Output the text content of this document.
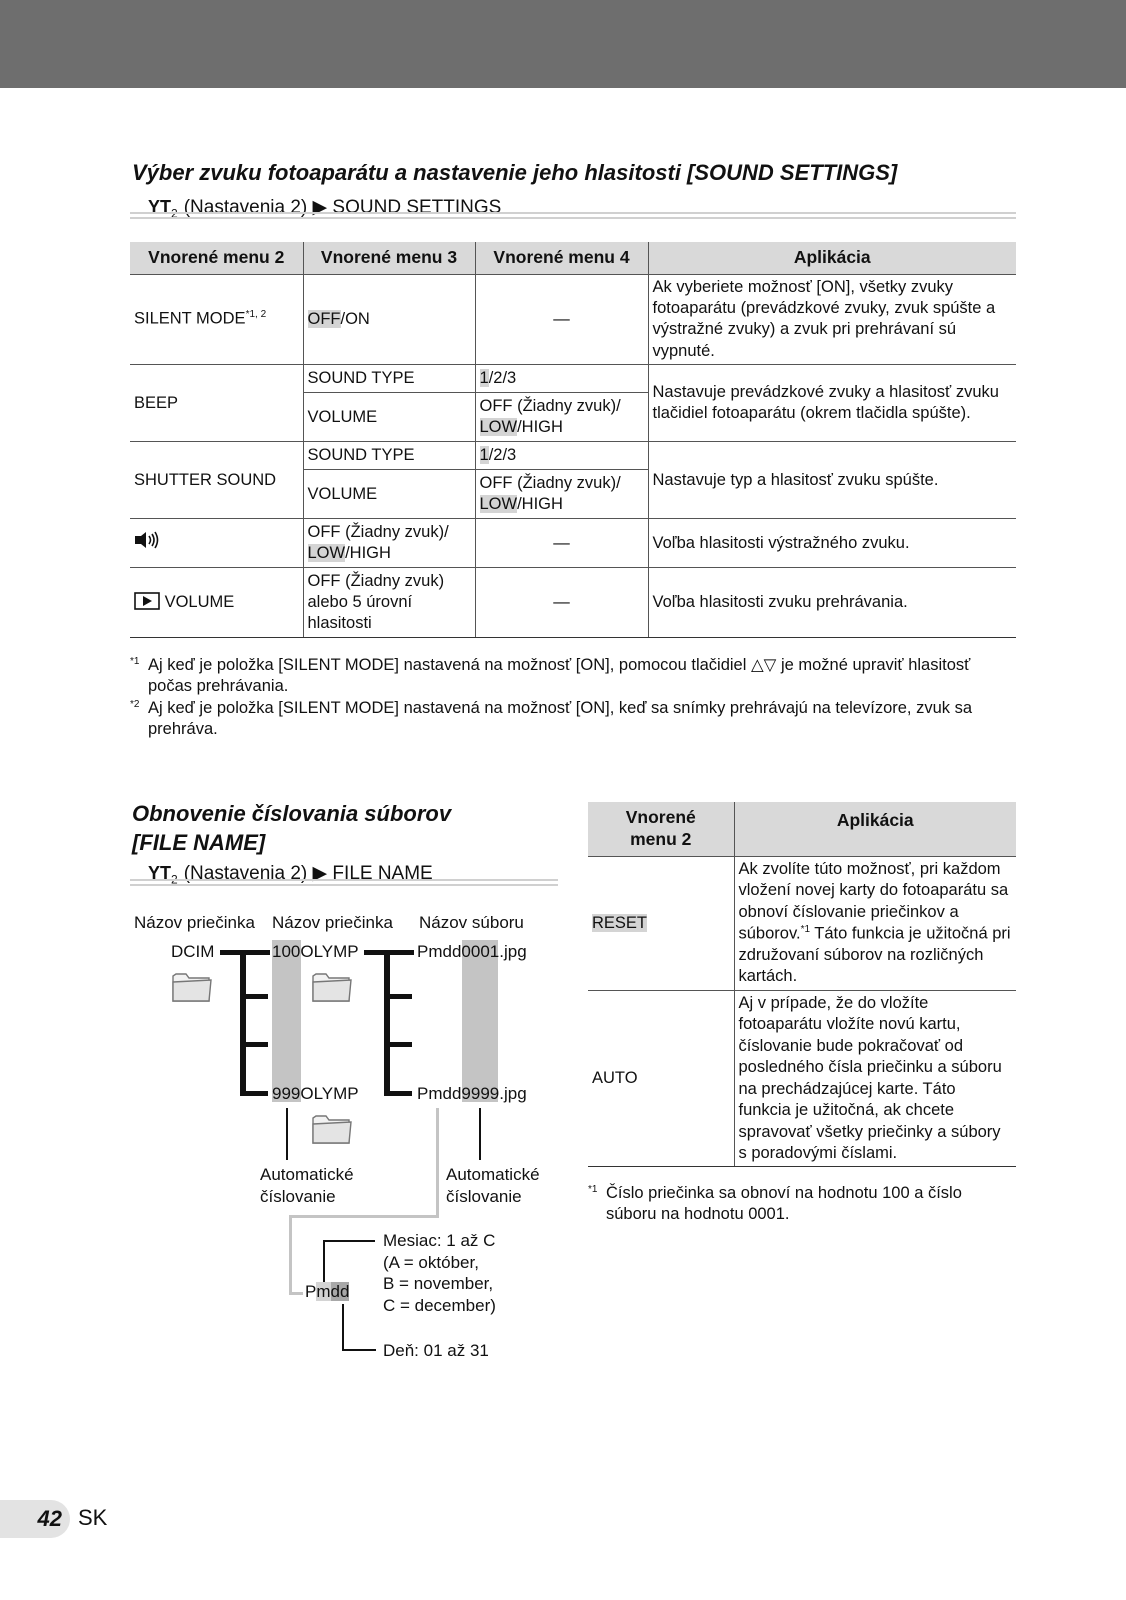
Výber zvuku fotoaparátu a nastavenie jeho hlasitosti [SOUND SETTINGS]
$YT_2$ (Nastavenia 2) ▶ SOUND SETTINGS
Vnorené menu 2	Vnorené menu 3	Vnorené menu 4	Aplikácia
SILENT MODE$^{*1, 2}$	OFF/ON	—	Ak vyberiete možnosť [ON], všetky zvuky fotoaparátu (prevádzkové zvuky, zvuk spúšte a výstražné zvuky) a zvuk pri prehrávaní sú vypnuté.
BEEP	SOUND TYPE	1/2/3	Nastavuje prevádzkové zvuky a hlasitosť zvuku tlačidiel fotoaparátu (okrem tlačidla spúšte).
	VOLUME	OFF (Žiadny zvuk)/
LOW/HIGH	
SHUTTER SOUND	SOUND TYPE	1/2/3	Nastavuje typ a hlasitosť zvuku spúšte.
	VOLUME	OFF (Žiadny zvuk)/
LOW/HIGH	
	OFF (Žiadny zvuk)/
LOW/HIGH	—	Voľba hlasitosti výstražného zvuku.
VOLUME	OFF (Žiadny zvuk) alebo 5 úrovní hlasitosti	—	Voľba hlasitosti zvuku prehrávania.
*1 Aj keď je položka [SILENT MODE] nastavená na možnosť [ON], pomocou tlačidiel △▽ je možné upraviť hlasitosť počas prehrávania.
*2 Aj keď je položka [SILENT MODE] nastavená na možnosť [ON], keď sa snímky prehrávajú na televízore, zvuk sa prehráva.
Obnovenie číslovania súborov
[FILE NAME]
$YT_2$ (Nastavenia 2) ▶ FILE NAME
Názov priečinka Názov priečinka Názov súboru
DCIM	100OLYMP	Pmdd0001.jpg
999OLYMP	Pmdd9999.jpg
Automatické
číslovanie
Automatické
číslovanie
Pmdd
Mesiac: 1 až C
(A = október,
B = november,
C = december)
Deň: 01 až 31
Vnorené
menu 2	Aplikácia
RESET	Ak zvolíte túto možnosť, pri každom vložení novej karty do fotoaparátu sa obnoví číslovanie priečinkov a súborov.$^{*1}$ Táto funkcia je užitočná pri združovaní súborov na rozličných kartách.
AUTO	Aj v prípade, že do vložíte fotoaparátu vložíte novú kartu, číslovanie bude pokračovať od posledného čísla priečinku a súboru na prechádzajúcej karte. Táto funkcia je užitočná, ak chcete spravovať všetky priečinky a súbory s poradovými číslami.
*1 Číslo priečinka sa obnoví na hodnotu 100 a číslo súboru na hodnotu 0001.
42 SK
